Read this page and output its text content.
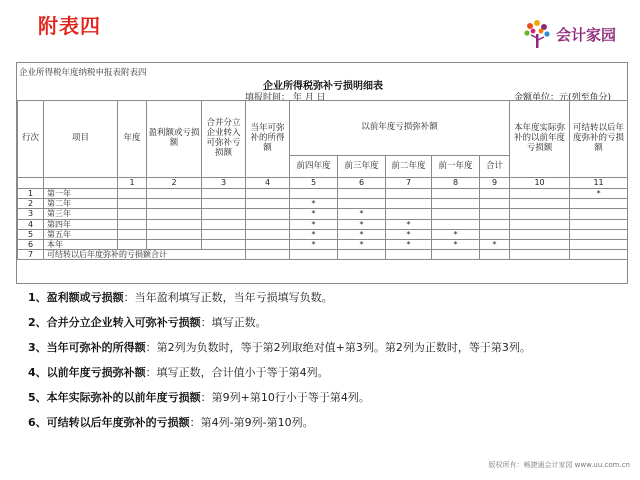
附表四	会计家园
企业所得税年度纳税申报表附表四
企业所得税弥补亏损明细表
填报时间： 年 月 日	金额单位：元(列至角分)
行次	项目	年度	盈利额或亏损额	合并分立企业转入可弥补亏损额	当年可弥补的所得额	以前年度亏损弥补额					本年度实际弥补的以前年度亏损额	可结转以后年度弥补的亏损额
						前四年度	前三年度	前二年度	前一年度	合计		
		1	2	3	4	5	6	7	8	9	10	11
1	第一年											*
2	第二年					*						
3	第三年					*	*					
4	第四年					*	*	*				
5	第五年					*	*	*	*			
6	本年					*	*	*	*	*		
7	可结转以后年度弥补的亏损额合计											
1、盈利额或亏损额：当年盈利填写正数，当年亏损填写负数。
2、合并分立企业转入可弥补亏损额：填写正数。
3、当年可弥补的所得额：第2列为负数时，等于第2列取绝对值+第3列。第2列为正数时，等于第3列。
4、以前年度亏损弥补额：填写正数，合计值小于等于第4列。
5、本年实际弥补的以前年度亏损额：第9列+第10行小于等于第4列。
6、可结转以后年度弥补的亏损额：第4列-第9列-第10列。
版权所有：畅捷通会计家园 www.uu.com.cn
